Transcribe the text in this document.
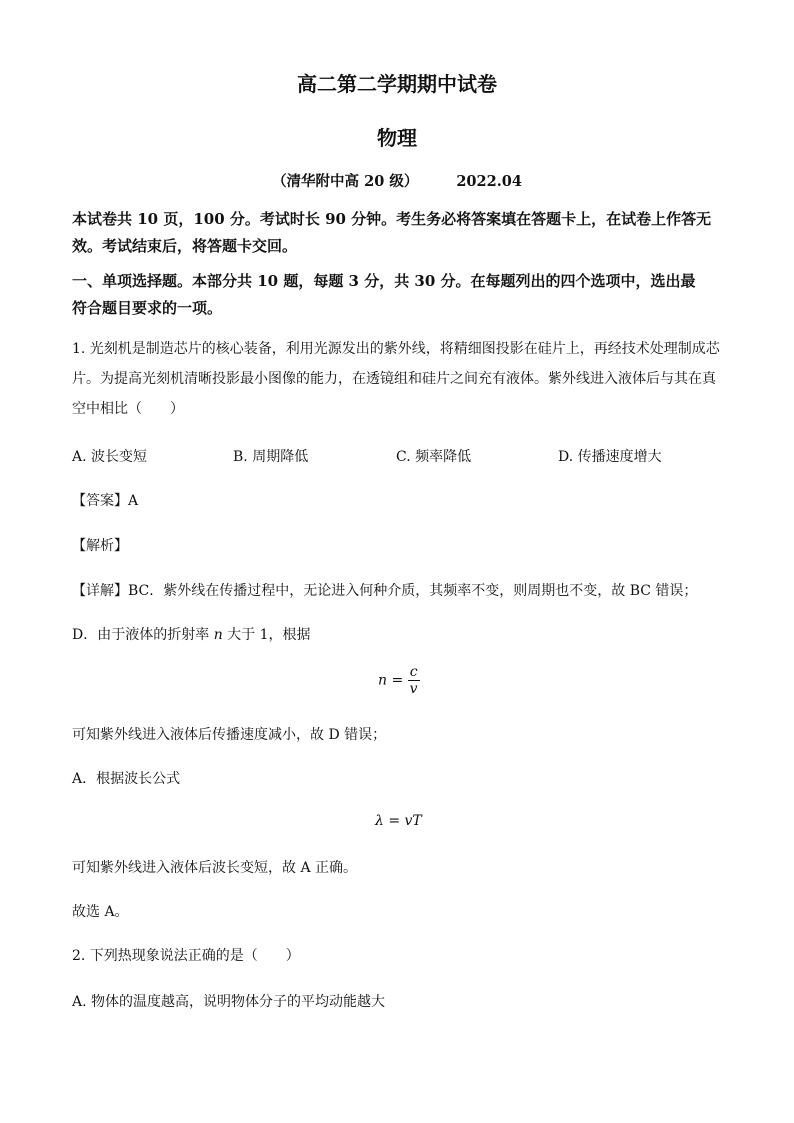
高二第二学期期中试卷
物理
（清华附中高 20 级）	2022.04
本试卷共 10 页，100 分。考试时长 90 分钟。考生务必将答案填在答题卡上，在试卷上作答无
效。考试结束后，将答题卡交回。
一、单项选择题。本部分共 10 题，每题 3 分，共 30 分。在每题列出的四个选项中，选出最
符合题目要求的一项。
1. 光刻机是制造芯片的核心装备，利用光源发出的紫外线，将精细图投影在硅片上，再经技术处理制成芯
片。为提高光刻机清晰投影最小图像的能力，在透镜组和硅片之间充有液体。紫外线进入液体后与其在真
空中相比（　　）
A. 波长变短	B. 周期降低	C. 频率降低	D. 传播速度增大
【答案】A
【解析】
【详解】BC．紫外线在传播过程中，无论进入何种介质，其频率不变，则周期也不变，故 BC 错误；
D．由于液体的折射率 n 大于 1，根据
$n = \frac{c}{v}$
可知紫外线进入液体后传播速度减小，故 D 错误；
A．根据波长公式
λ = vT
可知紫外线进入液体后波长变短，故 A 正确。
故选 A。
2. 下列热现象说法正确的是（　　）
A. 物体的温度越高，说明物体分子的平均动能越大
